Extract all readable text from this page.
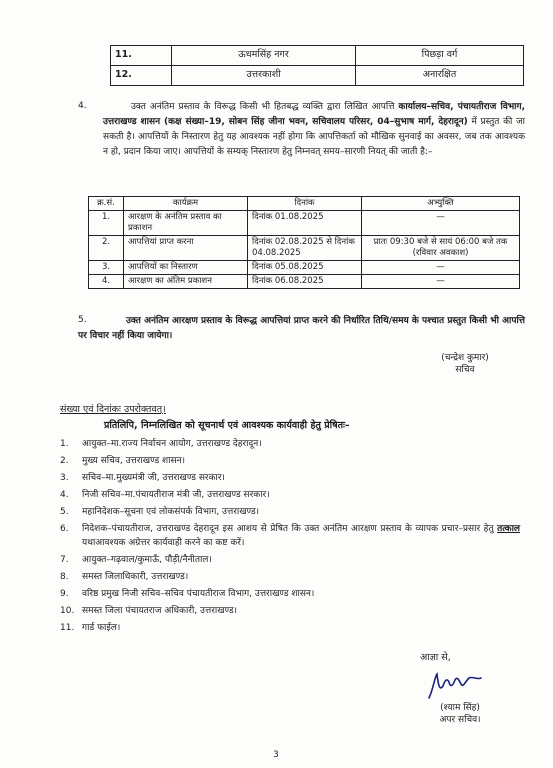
11.	ऊधमसिंह नगर	पिछड़ा वर्ग
12.	उत्तरकाशी	अनारक्षित
4.	उक्त अनंतिम प्रस्ताव के विरूद्ध किसी भी हितबद्ध व्यक्ति द्वारा लिखित आपत्ति कार्यालय–सचिव, पंचायतीराज विभाग, उत्तराखण्ड शासन (कक्ष संख्या–19, सोबन सिंह जीना भवन, सचिवालय परिसर, 04–सुभाष मार्ग, देहरादून) में प्रस्तुत की जा सकती है। आपत्तियों के निस्तारण हेतु यह आवश्यक नहीं होगा कि आपत्तिकर्ता को मौखिक सुनवाई का अवसर, जब तक आवश्यक न हो, प्रदान किया जाए। आपत्तियों के सम्यक् निस्तारण हेतु निम्नवत् समय–सारणी नियत् की जाती है:–
क्र.सं.	कार्यक्रम	दिनांक	अभ्युक्ति
1.	आरक्षण के अनंतिम प्रस्ताव का प्रकाशन	दिनांक 01.08.2025	—
2.	आपत्तियां प्राप्त करना	दिनांक 02.08.2025 से दिनांक 04.08.2025	प्रातः 09:30 बजे से सायं 06:00 बजे तक (रविवार अवकाश)
3.	आपत्तियों का निस्तारण	दिनांक 05.08.2025	—
4.	आरक्षण का अंतिम प्रकाशन	दिनांक 06.08.2025	—
5.	उक्त अनंतिम आरक्षण प्रस्ताव के विरूद्ध आपत्तियां प्राप्त करने की निर्धारित तिथि/समय के पश्चात प्रस्तुत किसी भी आपत्ति पर विचार नहीं किया जायेगा।
(चन्द्रेश कुमार)
सचिव
संख्या एवं दिनांकः उपरोक्तवत्।
प्रतिलिपि, निम्नलिखित को सूचनार्थ एवं आवश्यक कार्यवाही हेतु प्रेषितः–
1. आयुक्त–मा.राज्य निर्वाचन आयोग, उत्तराखण्ड देहरादून।
2. मुख्य सचिव, उत्तराखण्ड शासन।
3. सचिव–मा.मुख्यमंत्री जी, उत्तराखण्ड सरकार।
4. निजी सचिव–मा.पंचायतीराज मंत्री जी, उत्तराखण्ड सरकार।
5. महानिदेशक–सूचना एवं लोकसंपर्क विभाग, उत्तराखण्ड।
6. निदेशक–पंचायतीराज, उत्तराखण्ड देहरादून इस आशय से प्रेषित कि उक्त अनंतिम आरक्षण प्रस्ताव के व्यापक प्रचार–प्रसार हेतु तत्काल यथाआवश्यक अग्रेत्तर कार्यवाही करने का कष्ट करें।
7. आयुक्त–गढ़वाल/कुमाऊँ, पौड़ी/नैनीताल।
8. समस्त जिलाधिकारी, उत्तराखण्ड।
9. वरिष्ठ प्रमुख निजी सचिव–सचिव पंचायतीराज विभाग, उत्तराखण्ड शासन।
10. समस्त जिला पंचायतराज अधिकारी, उत्तराखण्ड।
11. गार्ड फाईल।
आज्ञा से,
(श्याम सिंह)
अपर सचिव।
3
